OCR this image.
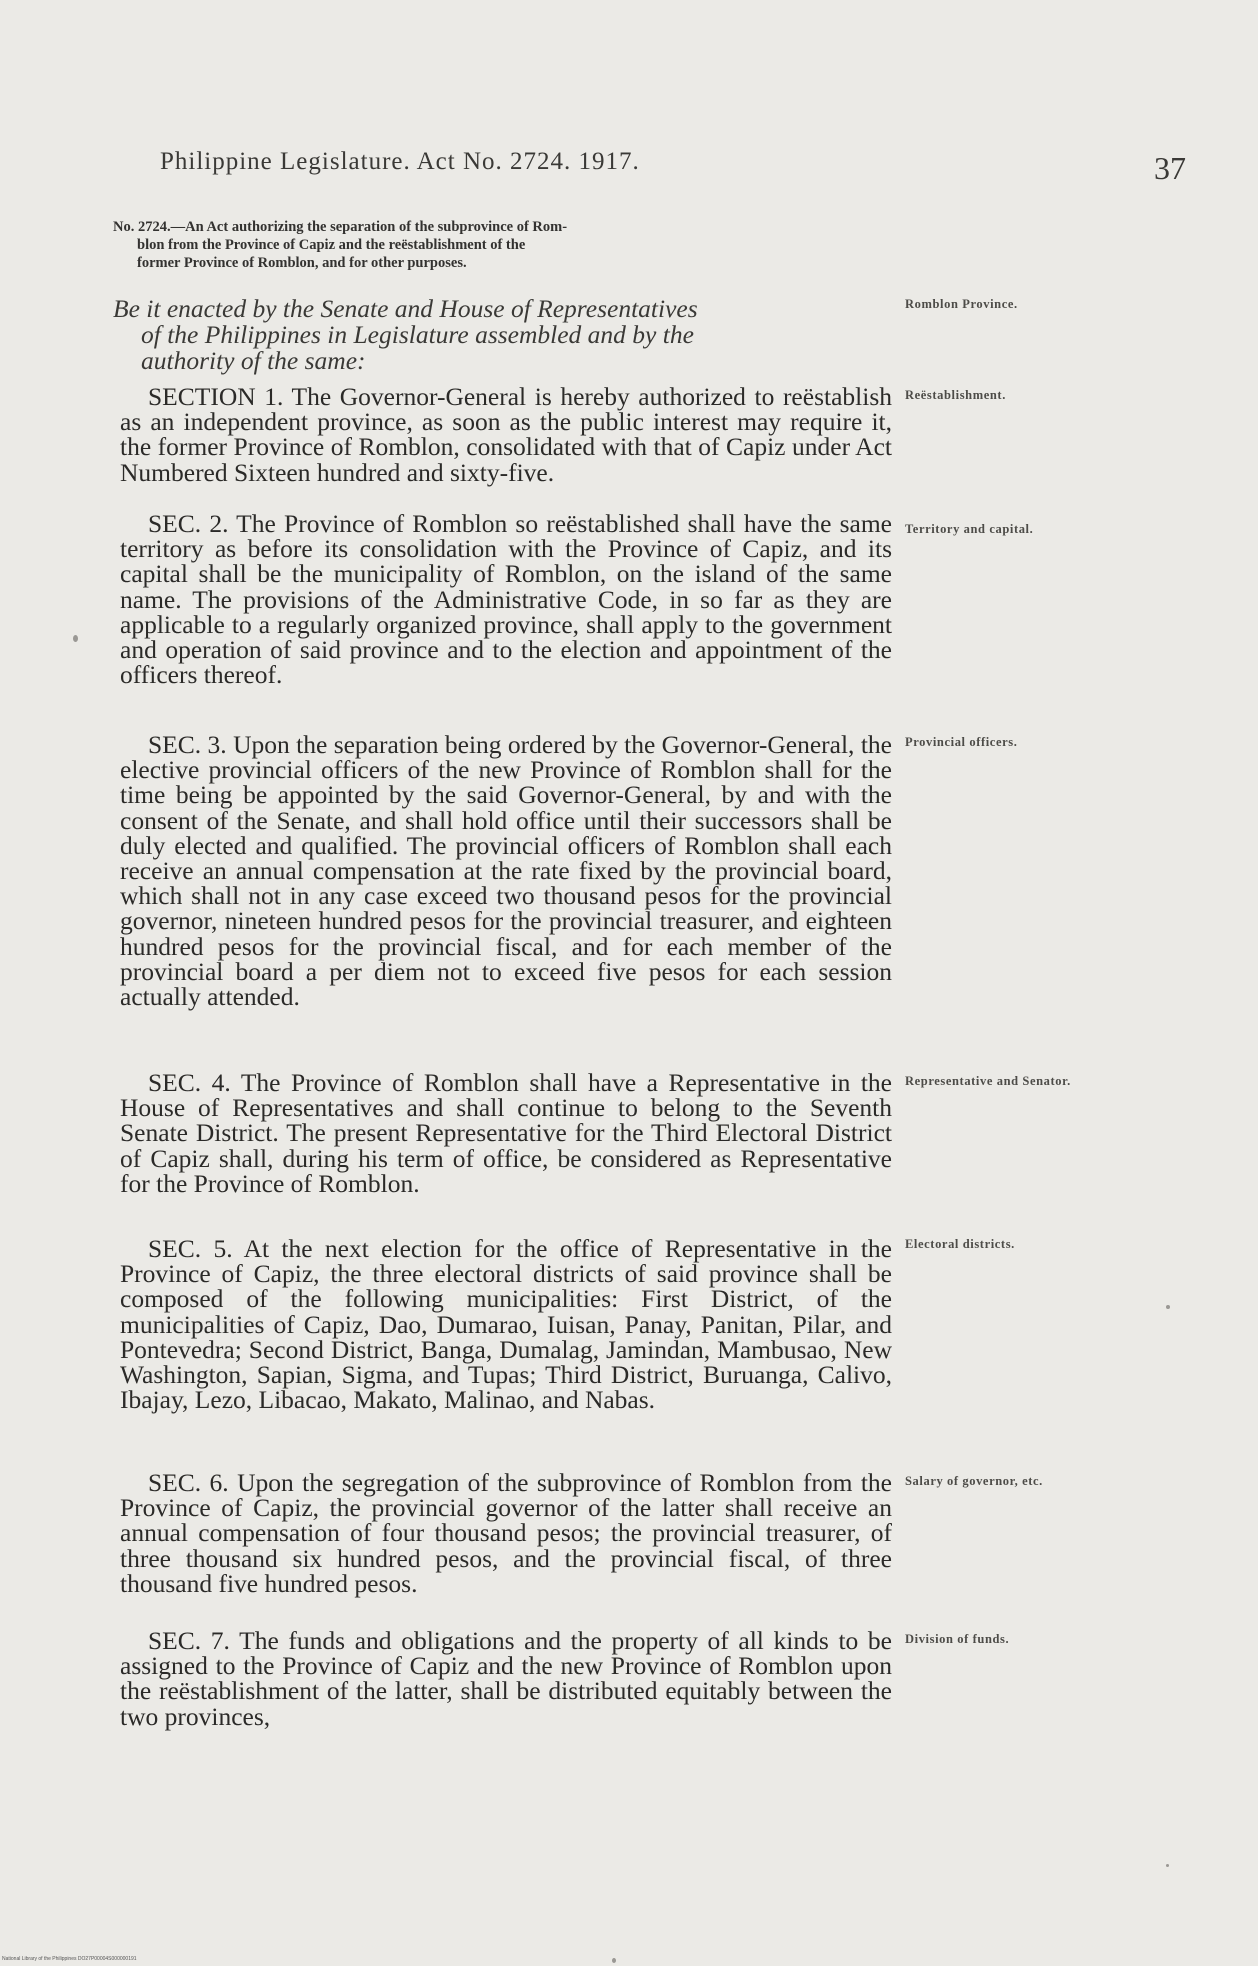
Philippine Legislature. Act No. 2724. 1917.	37
No. 2724.—An Act authorizing the separation of the subprovince of Rom-
blon from the Province of Capiz and the reëstablishment of the
former Province of Romblon, and for other purposes.
Be it enacted by the Senate and House of Representatives
of the Philippines in Legislature assembled and by the
authority of the same:

SECTION 1. The Governor-General is hereby authorized to reëstablish as an independent province, as soon as the public interest may require it, the former Province of Romblon, consolidated with that of Capiz under Act Numbered Sixteen hundred and sixty-five.

SEC. 2. The Province of Romblon so reëstablished shall have the same territory as before its consolidation with the Province of Capiz, and its capital shall be the municipality of Romblon, on the island of the same name. The provisions of the Administrative Code, in so far as they are applicable to a regularly organized province, shall apply to the government and operation of said province and to the election and appointment of the officers thereof.

SEC. 3. Upon the separation being ordered by the Governor-General, the elective provincial officers of the new Province of Romblon shall for the time being be appointed by the said Governor-General, by and with the consent of the Senate, and shall hold office until their successors shall be duly elected and qualified. The provincial officers of Romblon shall each receive an annual compensation at the rate fixed by the provincial board, which shall not in any case exceed two thousand pesos for the provincial governor, nineteen hundred pesos for the provincial treasurer, and eighteen hundred pesos for the provincial fiscal, and for each member of the provincial board a per diem not to exceed five pesos for each session actually attended.

SEC. 4. The Province of Romblon shall have a Representative in the House of Representatives and shall continue to belong to the Seventh Senate District. The present Representative for the Third Electoral District of Capiz shall, during his term of office, be considered as Representative for the Province of Romblon.

SEC. 5. At the next election for the office of Representative in the Province of Capiz, the three electoral districts of said province shall be composed of the following municipalities: First District, of the municipalities of Capiz, Dao, Dumarao, Iuisan, Panay, Panitan, Pilar, and Pontevedra; Second District, Banga, Dumalag, Jamindan, Mambusao, New Washington, Sapian, Sigma, and Tupas; Third District, Buruanga, Calivo, Ibajay, Lezo, Libacao, Makato, Malinao, and Nabas.

SEC. 6. Upon the segregation of the subprovince of Romblon from the Province of Capiz, the provincial governor of the latter shall receive an annual compensation of four thousand pesos; the provincial treasurer, of three thousand six hundred pesos, and the provincial fiscal, of three thousand five hundred pesos.

SEC. 7. The funds and obligations and the property of all kinds to be assigned to the Province of Capiz and the new Province of Romblon upon the reëstablishment of the latter, shall be distributed equitably between the two provinces,

Romblon Province.
Reëstablishment.
Territory and capital.
Provincial officers.
Representative and Senator.
Electoral districts.
Salary of governor, etc.
Division of funds.
National Library of the Philippines DO27P00004S000000191
